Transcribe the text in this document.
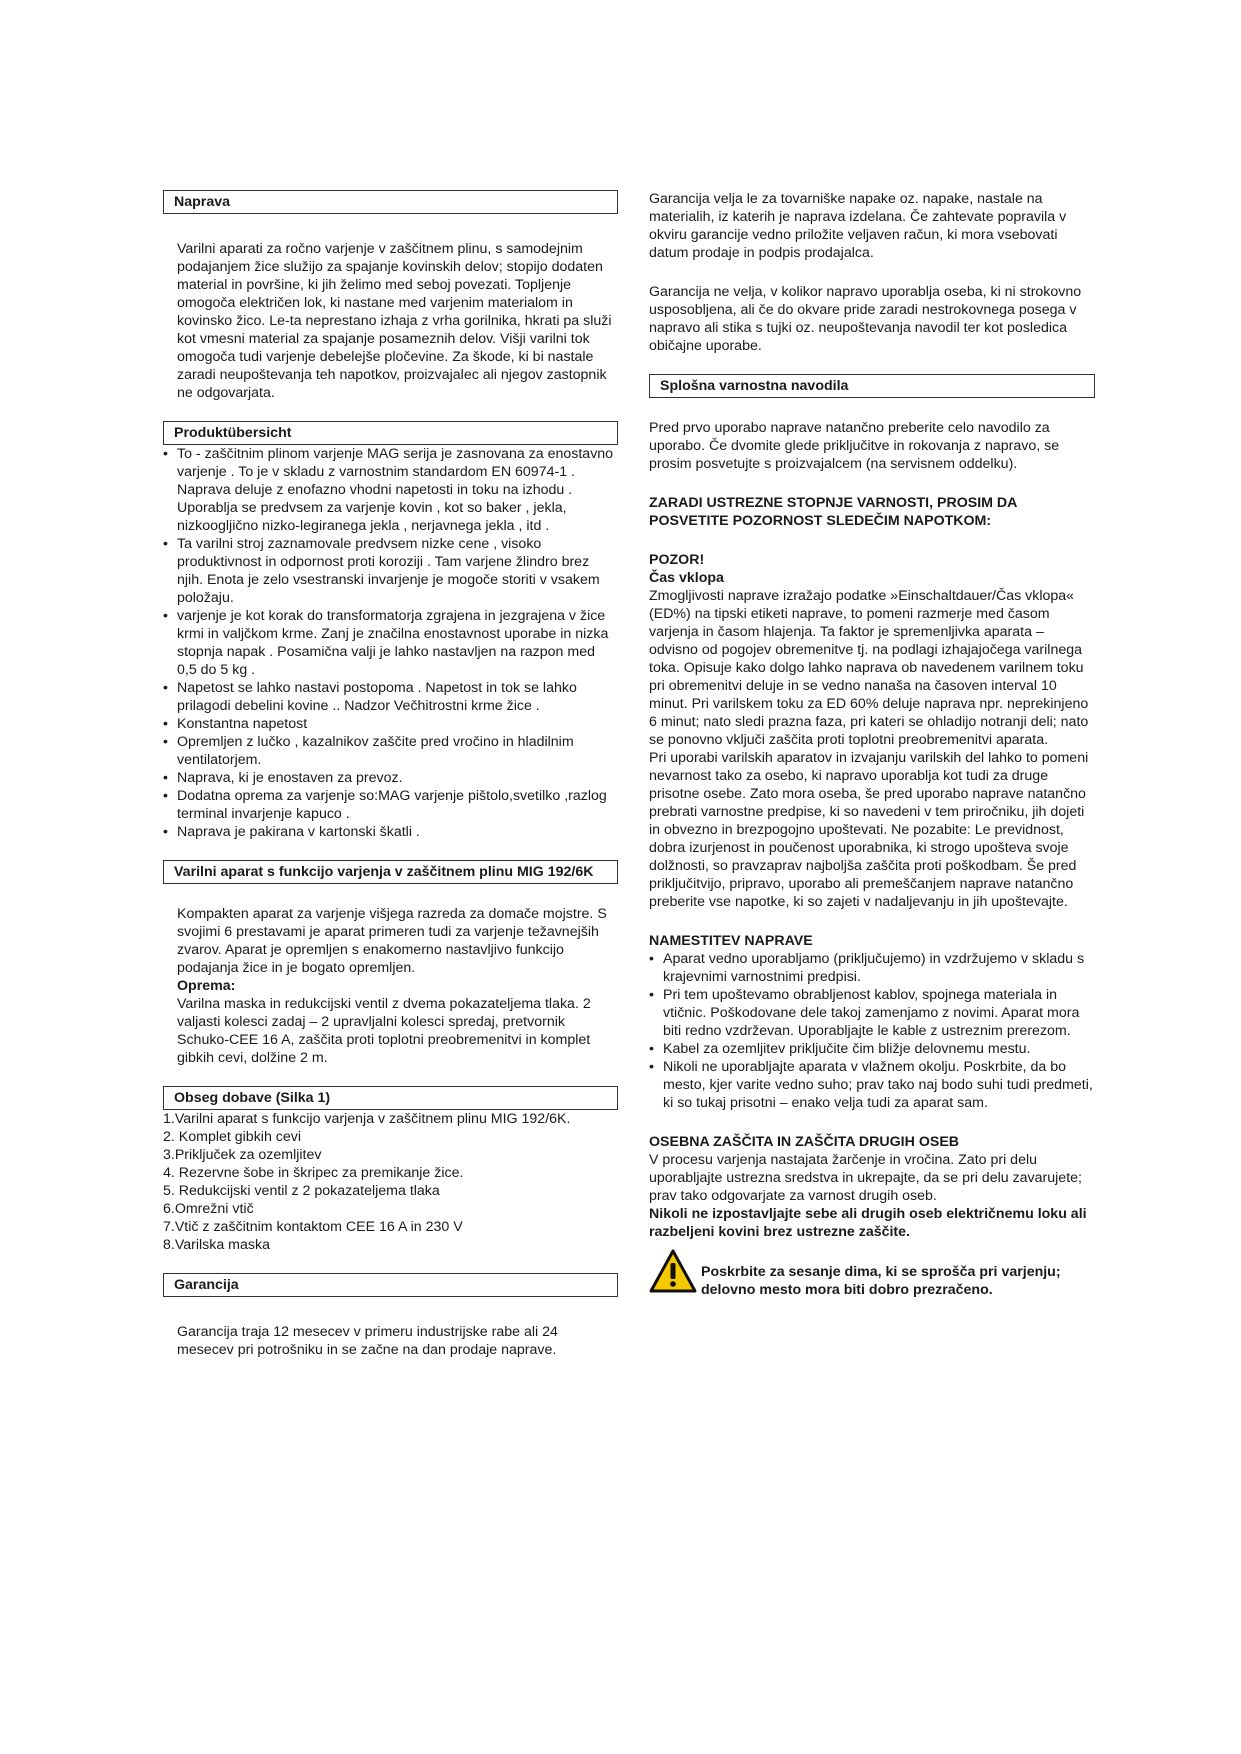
Naprava

Varilni aparati za ročno varjenje v zaščitnem plinu, s samodejnim podajanjem žice služijo za spajanje kovinskih delov; stopijo dodaten material in površine, ki jih želimo med seboj povezati. Topljenje omogoča električen lok, ki nastane med varjenim materialom in kovinsko žico. Le-ta neprestano izhaja z vrha gorilnika, hkrati pa služi kot vmesni material za spajanje posameznih delov. Višji varilni tok omogoča tudi varjenje debelejše pločevine. Za škode, ki bi nastale zaradi neupoštevanja teh napotkov, proizvajalec ali njegov zastopnik ne odgovarjata.

Produktübersicht
• To - zaščitnim plinom varjenje MAG serija je zasnovana za enostavno varjenje . To je v skladu z varnostnim standardom EN 60974-1 . Naprava deluje z enofazno vhodni napetosti in toku na izhodu . Uporablja se predvsem za varjenje kovin , kot so baker , jekla, nizkoogljično nizko-legiranega jekla , nerjavnega jekla , itd .
• Ta varilni stroj zaznamovale predvsem nizke cene , visoko produktivnost in odpornost proti koroziji . Tam varjene žlindro brez njih. Enota je zelo vsestranski invarjenje je mogoče storiti v vsakem položaju.
• varjenje je kot korak do transformatorja zgrajena in jezgrajena v žice krmi in valjčkom krme. Zanj je značilna enostavnost uporabe in nizka stopnja napak . Posamična valji je lahko nastavljen na razpon med 0,5 do 5 kg .
• Napetost se lahko nastavi postopoma . Napetost in tok se lahko prilagodi debelini kovine .. Nadzor Večhitrostni krme žice .
• Konstantna napetost
• Opremljen z lučko , kazalnikov zaščite pred vročino in hladilnim ventilatorjem.
• Naprava, ki je enostaven za prevoz.
• Dodatna oprema za varjenje so:MAG varjenje pištolo,svetilko ,razlog terminal invarjenje kapuco .
• Naprava je pakirana v kartonski škatli .
Varilni aparat s funkcijo varjenja v zaščitnem plinu MIG 192/6K

Kompakten aparat za varjenje višjega razreda za domače mojstre. S svojimi 6 prestavami je aparat primeren tudi za varjenje težavnejših zvarov. Aparat je opremljen s enakomerno nastavljivo funkcijo podajanja žice in je bogato opremljen.

Oprema:

Varilna maska in redukcijski ventil z dvema pokazateljema tlaka. 2 valjasti kolesci zadaj – 2 upravljalni kolesci spredaj, pretvornik Schuko-CEE 16 A, zaščita proti toplotni preobremenitvi in komplet gibkih cevi, dolžine 2 m.

Obseg dobave (Silka 1)
1.Varilni aparat s funkcijo varjenja v zaščitnem plinu MIG 192/6K.
2. Komplet gibkih cevi
3.Priključek za ozemljitev
4. Rezervne šobe in škripec za premikanje žice.
5. Redukcijski ventil z 2 pokazateljema tlaka
6.Omrežni vtič
7.Vtič z zaščitnim kontaktom CEE 16 A in 230 V
8.Varilska maska
Garancija

Garancija traja 12 mesecev v primeru industrijske rabe ali 24 mesecev pri potrošniku in se začne na dan prodaje naprave.

Garancija velja le za tovarniške napake oz. napake, nastale na materialih, iz katerih je naprava izdelana. Če zahtevate popravila v okviru garancije vedno priložite veljaven račun, ki mora vsebovati datum prodaje in podpis prodajalca.

Garancija ne velja, v kolikor napravo uporablja oseba, ki ni strokovno usposobljena, ali če do okvare pride zaradi nestrokovnega posega v napravo ali stika s tujki oz. neupoštevanja navodil ter kot posledica običajne uporabe.

Splošna varnostna navodila

Pred prvo uporabo naprave natančno preberite celo navodilo za uporabo. Če dvomite glede priključitve in rokovanja z napravo, se prosim posvetujte s proizvajalcem (na servisnem oddelku).

ZARADI USTREZNE STOPNJE VARNOSTI, PROSIM DA POSVETITE POZORNOST SLEDEČIM NAPOTKOM:

POZOR!

Čas vklopa

Zmogljivosti naprave izražajo podatke »Einschaltdauer/Čas vklopa« (ED%) na tipski etiketi naprave, to pomeni razmerje med časom varjenja in časom hlajenja. Ta faktor je spremenljivka aparata – odvisno od pogojev obremenitve tj. na podlagi izhajajočega varilnega toka. Opisuje kako dolgo lahko naprava ob navedenem varilnem toku pri obremenitvi deluje in se vedno nanaša na časoven interval 10 minut. Pri varilskem toku za ED 60% deluje naprava npr. neprekinjeno 6 minut; nato sledi prazna faza, pri kateri se ohladijo notranji deli; nato se ponovno vključi zaščita proti toplotni preobremenitvi aparata.

Pri uporabi varilskih aparatov in izvajanju varilskih del lahko to pomeni nevarnost tako za osebo, ki napravo uporablja kot tudi za druge prisotne osebe. Zato mora oseba, še pred uporabo naprave natančno prebrati varnostne predpise, ki so navedeni v tem priročniku, jih dojeti in obvezno in brezpogojno upoštevati. Ne pozabite: Le previdnost, dobra izurjenost in poučenost uporabnika, ki strogo upošteva svoje dolžnosti, so pravzaprav najboljša zaščita proti poškodbam. Še pred priključitvijo, pripravo, uporabo ali premeščanjem naprave natančno preberite vse napotke, ki so zajeti v nadaljevanju in jih upoštevajte.

NAMESTITEV NAPRAVE

• Aparat vedno uporabljamo (priključujemo) in vzdržujemo v skladu s krajevnimi varnostnimi predpisi.
• Pri tem upoštevamo obrabljenost kablov, spojnega materiala in vtičnic. Poškodovane dele takoj zamenjamo z novimi. Aparat mora biti redno vzdrževan. Uporabljajte le kable z ustreznim prerezom.
• Kabel za ozemljitev priključite čim bližje delovnemu mestu.
• Nikoli ne uporabljajte aparata v vlažnem okolju. Poskrbite, da bo mesto, kjer varite vedno suho; prav tako naj bodo suhi tudi predmeti, ki so tukaj prisotni – enako velja tudi za aparat sam.

OSEBNA ZAŠČITA IN ZAŠČITA DRUGIH OSEB

V procesu varjenja nastajata žarčenje in vročina. Zato pri delu uporabljajte ustrezna sredstva in ukrepajte, da se pri delu zavarujete; prav tako odgovarjate za varnost drugih oseb.

Nikoli ne izpostavljajte sebe ali drugih oseb električnemu loku ali razbeljeni kovini brez ustrezne zaščite.

Poskrbite za sesanje dima, ki se sprošča pri varjenju; delovno mesto mora biti dobro prezračeno.
